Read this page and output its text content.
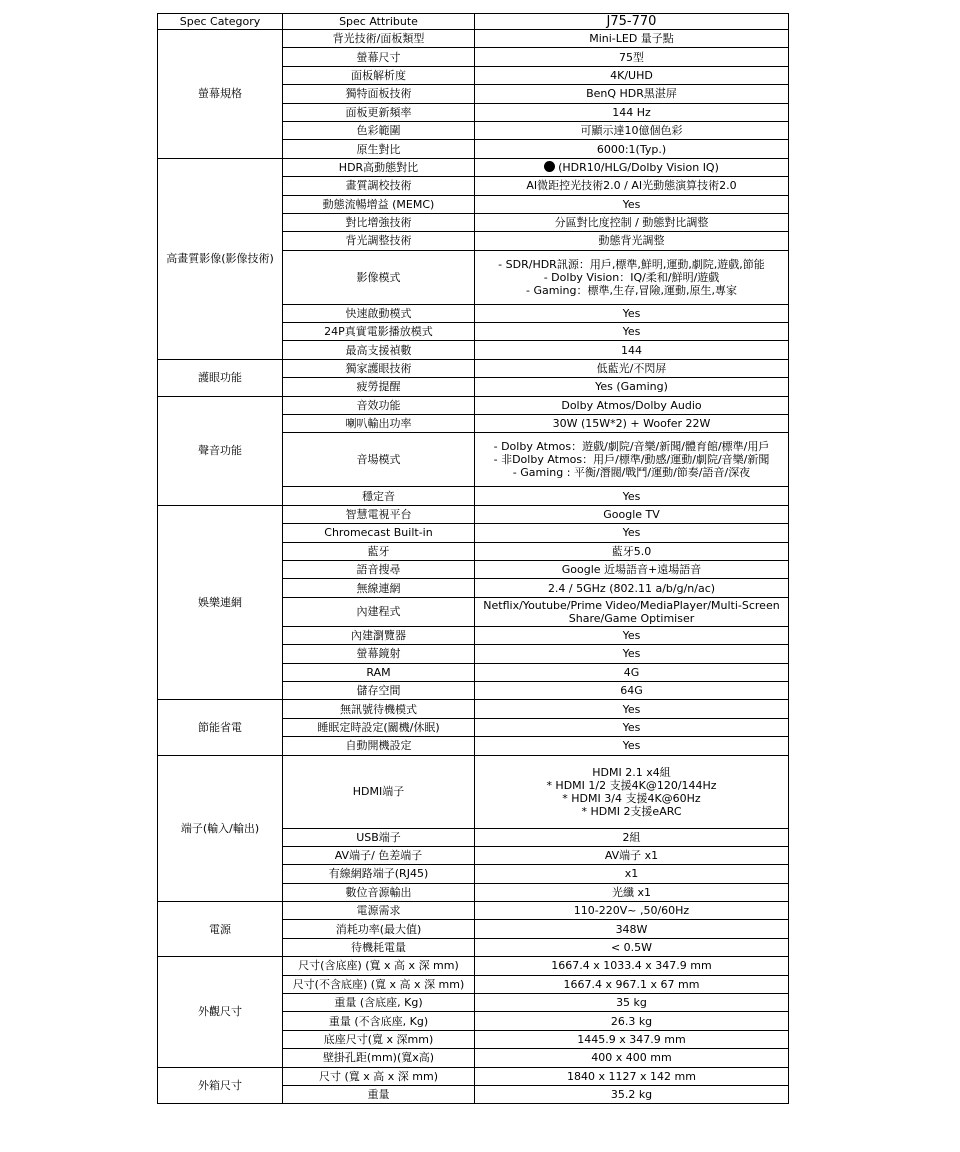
Spec Category	Spec Attribute	J75-770
螢幕規格	背光技術/面板類型	Mini-LED 量子點

	螢幕尺寸	75型

	面板解析度	4K/UHD

	獨特面板技術	BenQ HDR黑湛屏

	面板更新頻率	144 Hz

	色彩範圍	可顯示達10億個色彩

	原生對比	6000:1(Typ.)

高畫質影像(影像技術)	HDR高動態對比	(HDR10/HLG/Dolby Vision IQ)

	畫質調校技術	AI微距控光技術2.0 / AI光動態演算技術2.0

	動態流暢增益 (MEMC)	Yes

	對比增強技術	分區對比度控制 / 動態對比調整

	背光調整技術	動態背光調整

	影像模式	- SDR/HDR訊源：用戶,標準,鮮明,運動,劇院,遊戲,節能
- Dolby Vision：IQ/柔和/鮮明/遊戲
- Gaming：標準,生存,冒險,運動,原生,專家

	快速啟動模式	Yes

	24P真實電影播放模式	Yes

	最高支援禎數	144

護眼功能	獨家護眼技術	低藍光/不閃屏

	疲勞提醒	Yes (Gaming)

聲音功能	音效功能	Dolby Atmos/Dolby Audio

	喇叭輸出功率	30W (15W*2) + Woofer 22W

	音場模式	- Dolby Atmos：遊戲/劇院/音樂/新聞/體育館/標準/用戶
- 非Dolby Atmos：用戶/標準/動感/運動/劇院/音樂/新聞
- Gaming : 平衡/潛閥/戰鬥/運動/節奏/語音/深夜

	穩定音	Yes

娛樂連網	智慧電視平台	Google TV

	Chromecast Built-in	Yes

	藍牙	藍牙5.0

	語音搜尋	Google 近場語音+遠場語音

	無線連網	2.4 / 5GHz (802.11 a/b/g/n/ac)

	內建程式	Netflix/Youtube/Prime Video/MediaPlayer/Multi-Screen
Share/Game Optimiser

	內建瀏覽器	Yes

	螢幕鏡射	Yes

	RAM	4G

	儲存空間	64G

節能省電	無訊號待機模式	Yes

	睡眠定時設定(關機/休眠)	Yes

	自動開機設定	Yes

端子(輸入/輸出)	HDMI端子	HDMI 2.1 x4組
* HDMI 1/2 支援4K@120/144Hz
* HDMI 3/4 支援4K@60Hz
* HDMI 2支援eARC

	USB端子	2組

	AV端子/ 色差端子	AV端子 x1

	有線網路端子(RJ45)	x1

	數位音源輸出	光纖 x1

電源	電源需求	110-220V~ ,50/60Hz

	消耗功率(最大值)	348W

	待機耗電量	< 0.5W

外觀尺寸	尺寸(含底座) (寬 x 高 x 深 mm)	1667.4 x 1033.4 x 347.9 mm

	尺寸(不含底座) (寬 x 高 x 深 mm)	1667.4 x 967.1 x 67 mm

	重量 (含底座, Kg)	35 kg

	重量 (不含底座, Kg)	26.3 kg

	底座尺寸(寬 x 深mm)	1445.9 x 347.9 mm

	壁掛孔距(mm)(寬x高)	400 x 400 mm

外箱尺寸	尺寸 (寬 x 高 x 深 mm)	1840 x 1127 x 142 mm

	重量	35.2 kg
